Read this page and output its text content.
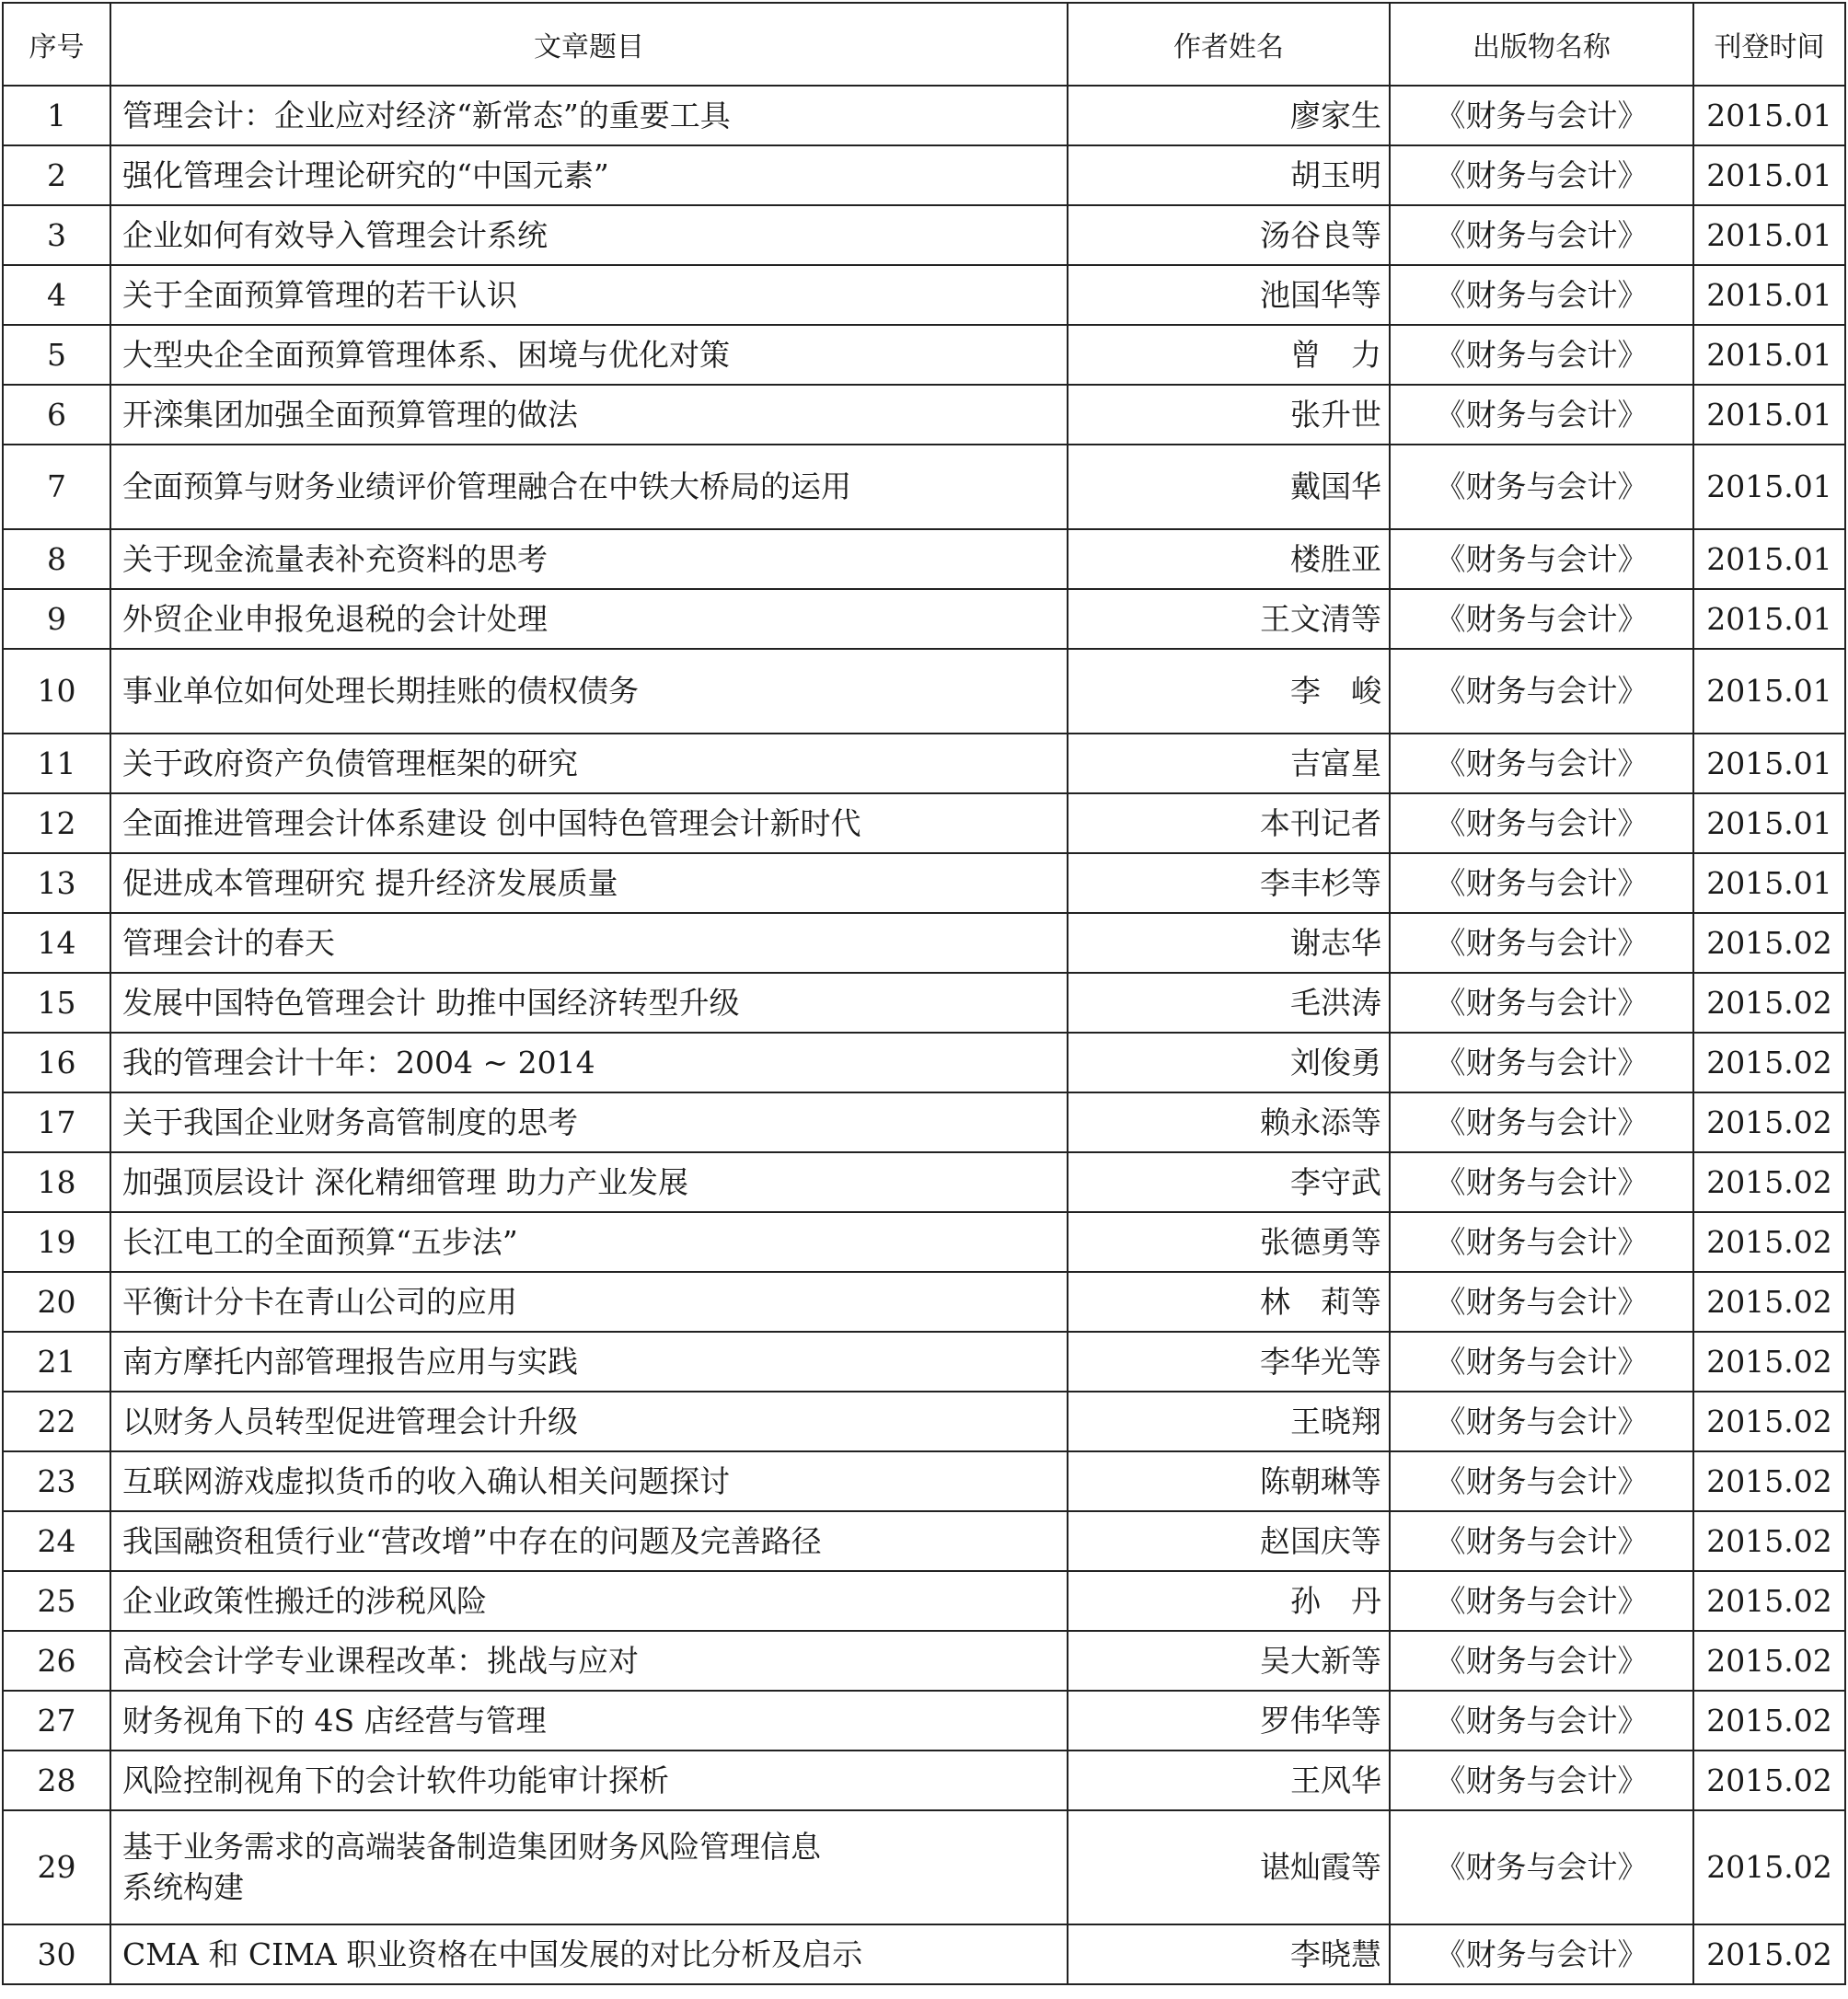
序号	文章题目	作者姓名	出版物名称	刊登时间
1	管理会计：企业应对经济“新常态”的重要工具	廖家生	《财务与会计》	2015.01
2	强化管理会计理论研究的“中国元素”	胡玉明	《财务与会计》	2015.01
3	企业如何有效导入管理会计系统	汤谷良等	《财务与会计》	2015.01
4	关于全面预算管理的若干认识	池国华等	《财务与会计》	2015.01
5	大型央企全面预算管理体系、困境与优化对策	曾　力	《财务与会计》	2015.01
6	开滦集团加强全面预算管理的做法	张升世	《财务与会计》	2015.01
7	全面预算与财务业绩评价管理融合在中铁大桥局的运用	戴国华	《财务与会计》	2015.01
8	关于现金流量表补充资料的思考	楼胜亚	《财务与会计》	2015.01
9	外贸企业申报免退税的会计处理	王文清等	《财务与会计》	2015.01
10	事业单位如何处理长期挂账的债权债务	李　峻	《财务与会计》	2015.01
11	关于政府资产负债管理框架的研究	吉富星	《财务与会计》	2015.01
12	全面推进管理会计体系建设 创中国特色管理会计新时代	本刊记者	《财务与会计》	2015.01
13	促进成本管理研究 提升经济发展质量	李丰杉等	《财务与会计》	2015.01
14	管理会计的春天	谢志华	《财务与会计》	2015.02
15	发展中国特色管理会计 助推中国经济转型升级	毛洪涛	《财务与会计》	2015.02
16	我的管理会计十年：2004 ~ 2014	刘俊勇	《财务与会计》	2015.02
17	关于我国企业财务高管制度的思考	赖永添等	《财务与会计》	2015.02
18	加强顶层设计 深化精细管理 助力产业发展	李守武	《财务与会计》	2015.02
19	长江电工的全面预算“五步法”	张德勇等	《财务与会计》	2015.02
20	平衡计分卡在青山公司的应用	林　莉等	《财务与会计》	2015.02
21	南方摩托内部管理报告应用与实践	李华光等	《财务与会计》	2015.02
22	以财务人员转型促进管理会计升级	王晓翔	《财务与会计》	2015.02
23	互联网游戏虚拟货币的收入确认相关问题探讨	陈朝琳等	《财务与会计》	2015.02
24	我国融资租赁行业“营改增”中存在的问题及完善路径	赵国庆等	《财务与会计》	2015.02
25	企业政策性搬迁的涉税风险	孙　丹	《财务与会计》	2015.02
26	高校会计学专业课程改革：挑战与应对	吴大新等	《财务与会计》	2015.02
27	财务视角下的 4S 店经营与管理	罗伟华等	《财务与会计》	2015.02
28	风险控制视角下的会计软件功能审计探析	王风华	《财务与会计》	2015.02
29	基于业务需求的高端装备制造集团财务风险管理信息
系统构建	谌灿霞等	《财务与会计》	2015.02
30	CMA 和 CIMA 职业资格在中国发展的对比分析及启示	李晓慧	《财务与会计》	2015.02
